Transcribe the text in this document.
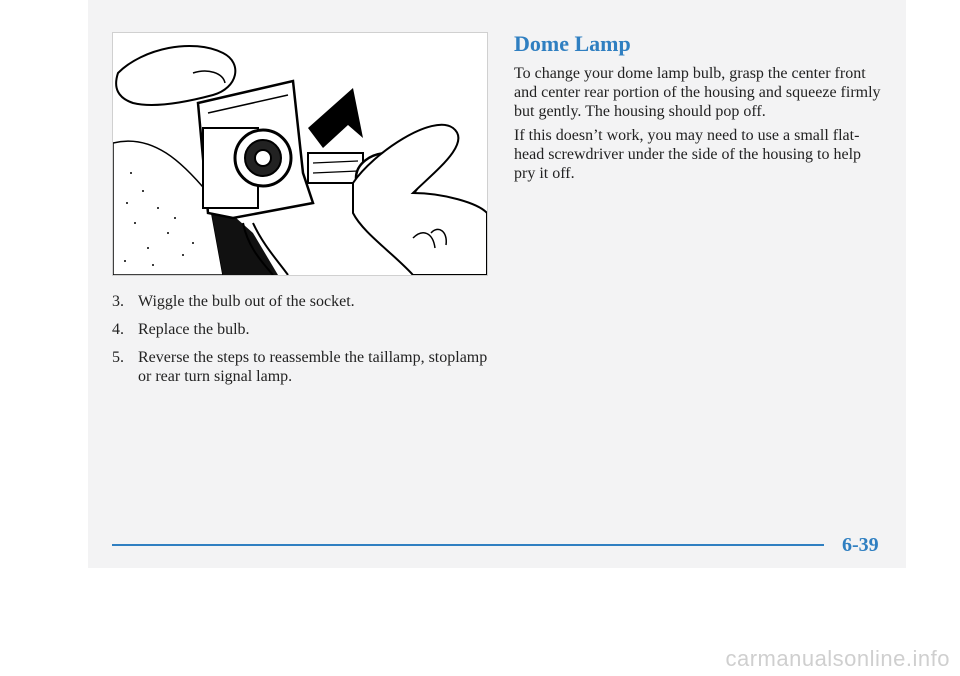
3. Wiggle the bulb out of the socket.
4. Replace the bulb.
5. Reverse the steps to reassemble the taillamp, stoplamp or rear turn signal lamp.
Dome Lamp

To change your dome lamp bulb, grasp the center front and center rear portion of the housing and squeeze firmly but gently. The housing should pop off.

If this doesn’t work, you may need to use a small flat-head screwdriver under the side of the housing to help pry it off.

6-39
carmanualsonline.info
